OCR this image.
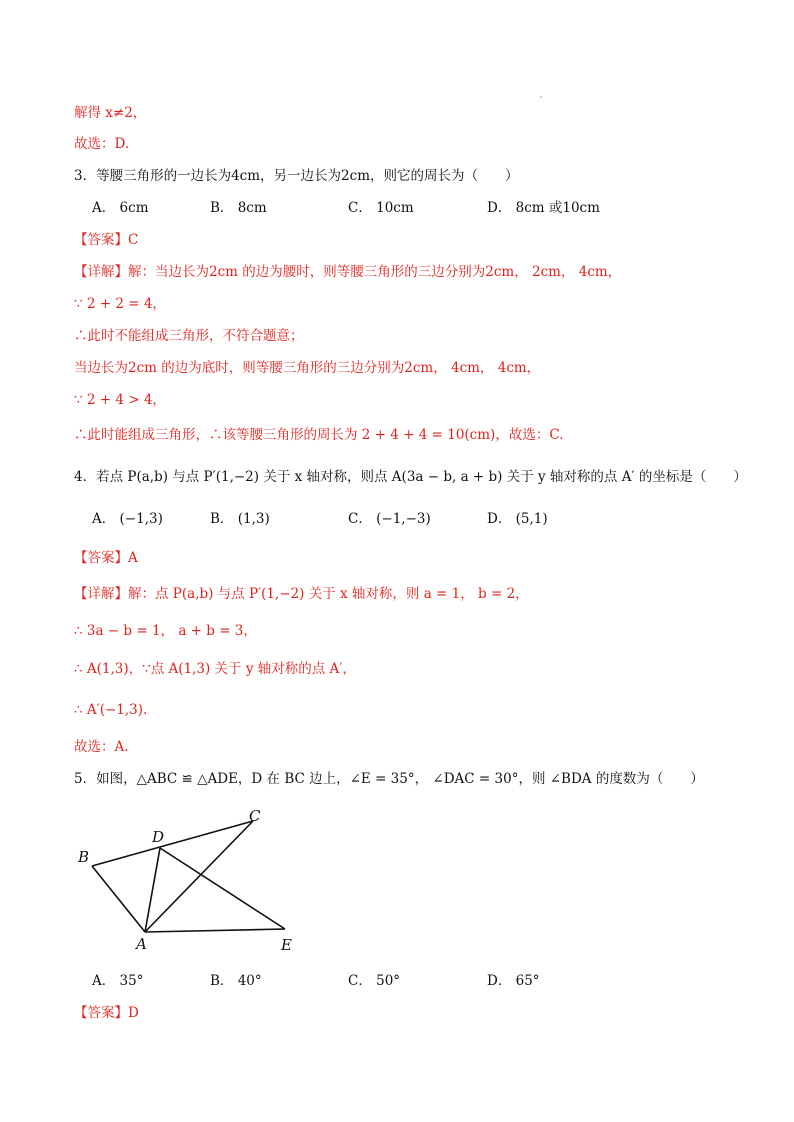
解得 x≠2，
故选：D.
3．等腰三角形的一边长为4cm，另一边长为2cm，则它的周长为（　　）
A． 6cm	B． 8cm	C． 10cm	D． 8cm 或10cm
【答案】C
【详解】解：当边长为2cm 的边为腰时，则等腰三角形的三边分别为2cm， 2cm， 4cm，
∵ 2 + 2 = 4，
∴此时不能组成三角形，不符合题意；
当边长为2cm 的边为底时，则等腰三角形的三边分别为2cm， 4cm， 4cm，
∵ 2 + 4 > 4，
∴此时能组成三角形，∴该等腰三角形的周长为 2 + 4 + 4 = 10(cm)，故选：C.
4．若点 P(a,b) 与点 P′(1,−2) 关于 x 轴对称，则点 A(3a − b, a + b) 关于 y 轴对称的点 A′ 的坐标是（　　）
A． (−1,3)	B． (1,3)	C． (−1,−3)	D． (5,1)
【答案】A
【详解】解：点 P(a,b) 与点 P′(1,−2) 关于 x 轴对称，则 a = 1， b = 2，
∴ 3a − b = 1， a + b = 3，
∴ A(1,3)，∵点 A(1,3) 关于 y 轴对称的点 A′，
∴ A′(−1,3).
故选：A.
5．如图，△ABC ≌ △ADE，D 在 BC 边上，∠E = 35°， ∠DAC = 30°，则 ∠BDA 的度数为（　　）
B
D
C
A	E
A． 35°	B． 40°	C． 50°	D． 65°
【答案】D
